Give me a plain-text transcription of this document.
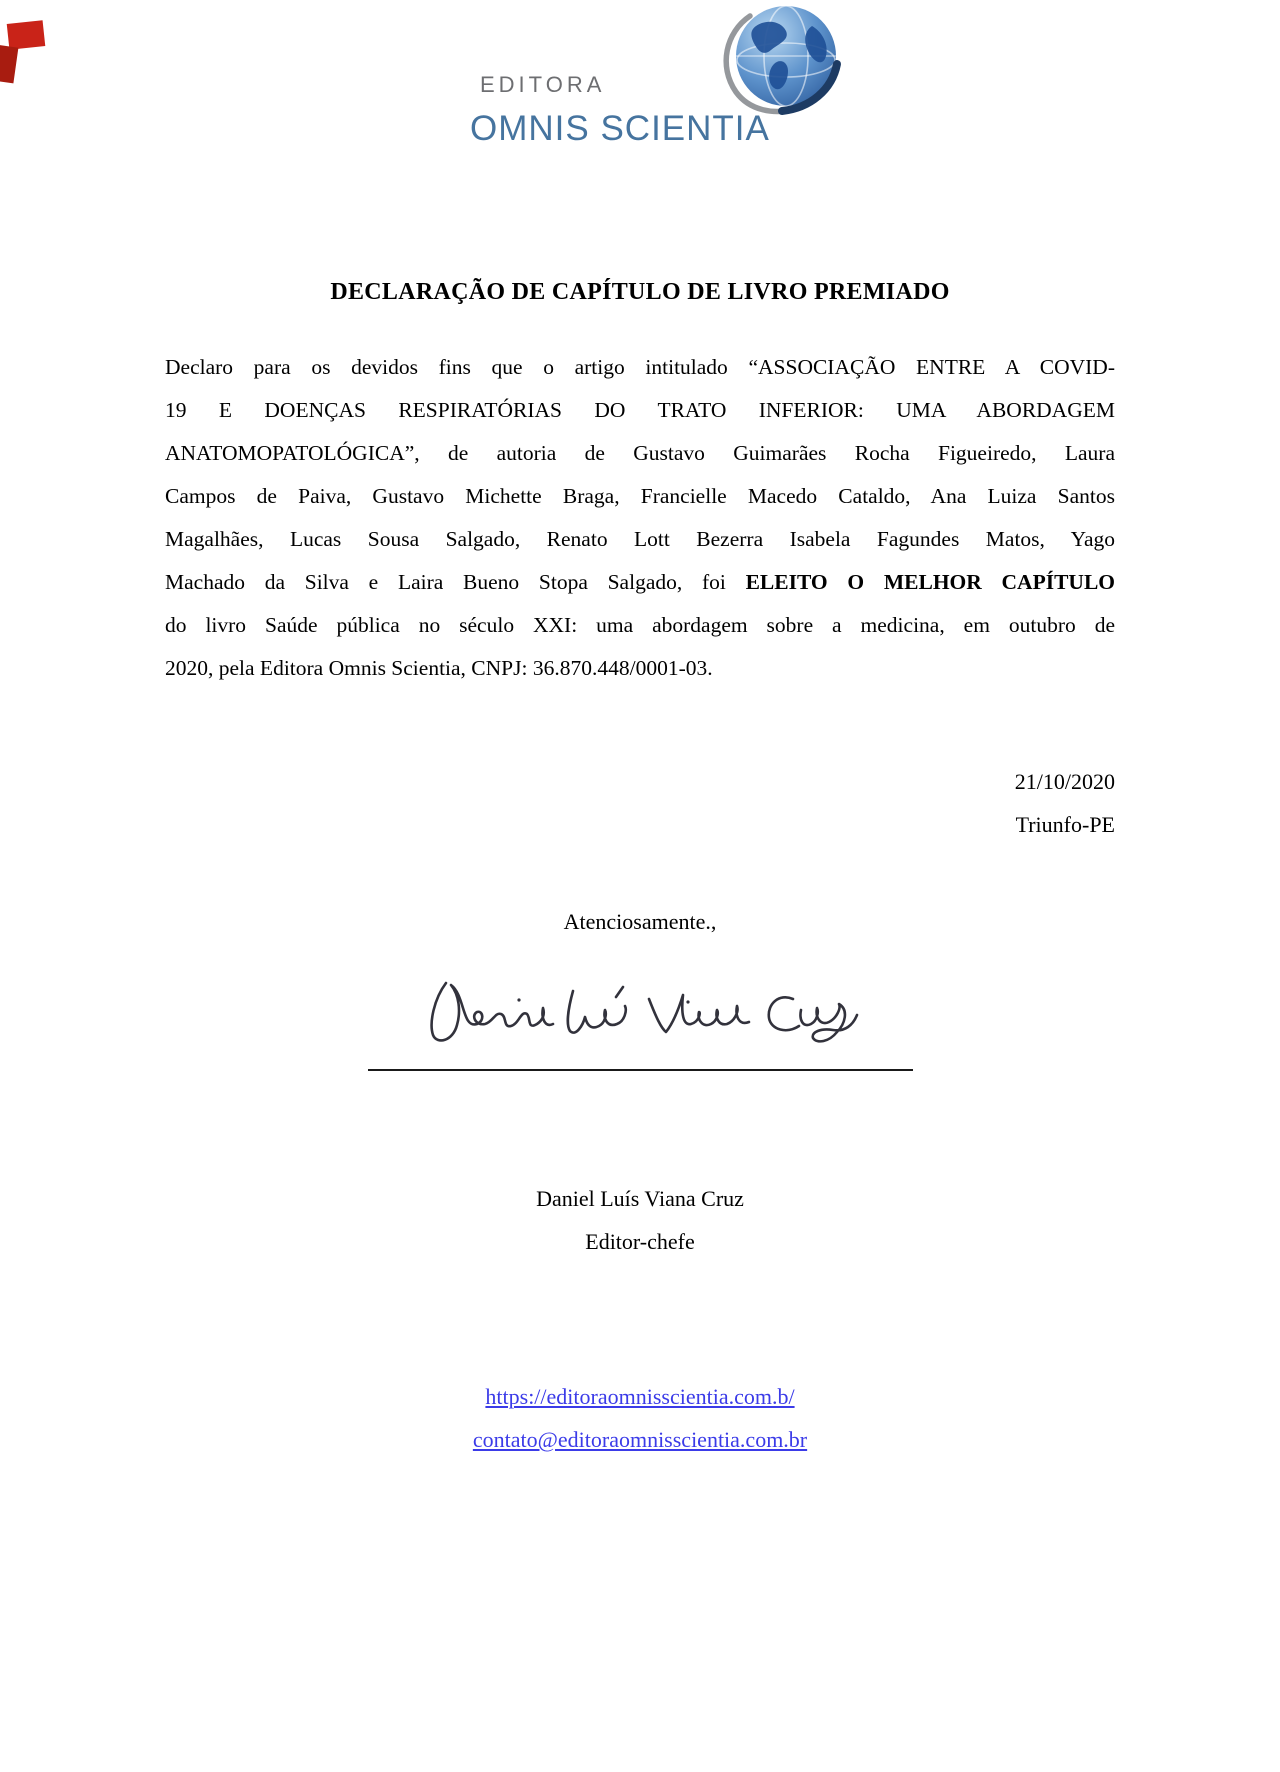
EDITORA
OMNIS SCIENTIA
DECLARAÇÃO DE CAPÍTULO DE LIVRO PREMIADO
Declaro para os devidos fins que o artigo intitulado “ASSOCIAÇÃO ENTRE A COVID-
19 E DOENÇAS RESPIRATÓRIAS DO TRATO INFERIOR: UMA ABORDAGEM
ANATOMOPATOLÓGICA”, de autoria de Gustavo Guimarães Rocha Figueiredo, Laura
Campos de Paiva, Gustavo Michette Braga, Francielle Macedo Cataldo, Ana Luiza Santos
Magalhães, Lucas Sousa Salgado, Renato Lott Bezerra Isabela Fagundes Matos, Yago
Machado da Silva e Laira Bueno Stopa Salgado, foi ELEITO O MELHOR CAPÍTULO
do livro Saúde pública no século XXI: uma abordagem sobre a medicina, em outubro de
2020, pela Editora Omnis Scientia, CNPJ: 36.870.448/0001-03.
21/10/2020
Triunfo-PE
Atenciosamente.,
Daniel Luís Viana Cruz
Editor-chefe
https://editoraomnisscientia.com.b/
contato@editoraomnisscientia.com.br
